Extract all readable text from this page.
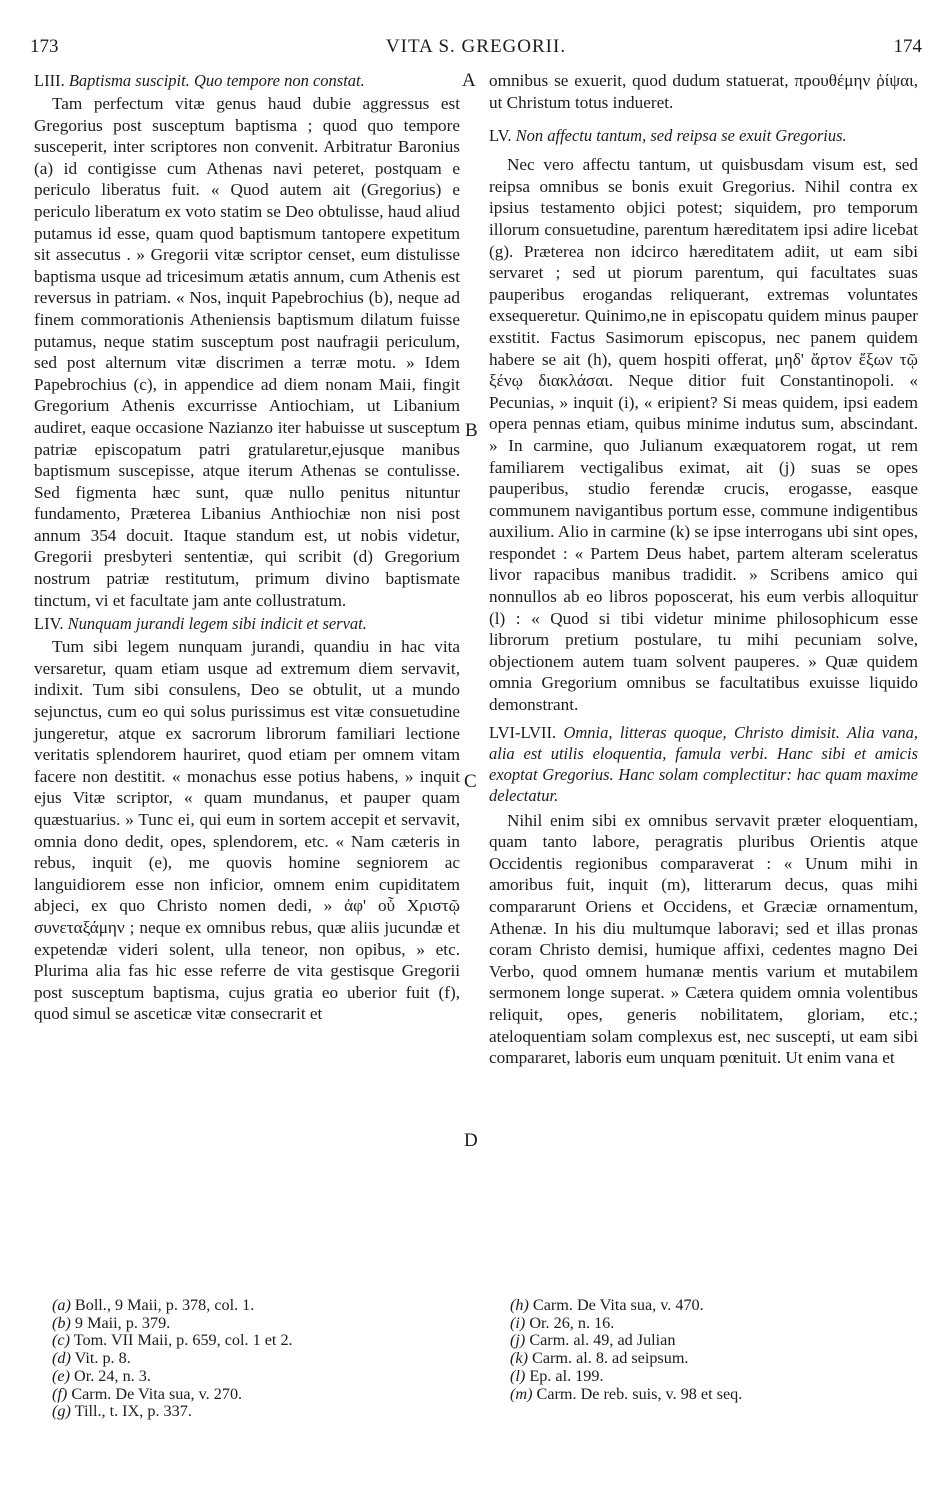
173	VITA S. GREGORII.	174
LIII. Baptisma suscipit. Quo tempore non constat.

Tam perfectum vitæ genus haud dubie aggressus est Gregorius post susceptum baptisma ; quod quo tempore susceperit, inter scriptores non convenit. Arbitratur Baronius (a) id contigisse cum Athenas navi peteret, postquam e periculo liberatus fuit. « Quod autem ait (Gregorius) e periculo liberatum ex voto statim se Deo obtulisse, haud aliud putamus id esse, quam quod baptismum tantopere expetitum sit assecutus . » Gregorii vitæ scriptor censet, eum distulisse baptisma usque ad tricesimum ætatis annum, cum Athenis est reversus in patriam. « Nos, inquit Papebrochius (b), neque ad finem commorationis Atheniensis baptismum dilatum fuisse putamus, neque statim susceptum post naufragii periculum, sed post alternum vitæ discrimen a terræ motu. » Idem Papebrochius (c), in appendice ad diem nonam Maii, fingit Gregorium Athenis excurrisse Antiochiam, ut Libanium audiret, eaque occasione Nazianzo iter habuisse ut susceptum patriæ episcopatum patri gratularetur,ejusque manibus baptismum suscepisse, atque iterum Athenas se contulisse. Sed figmenta hæc sunt, quæ nullo penitus nituntur fundamento, Præterea Libanius Anthiochiæ non nisi post annum 354 docuit. Itaque standum est, ut nobis videtur, Gregorii presbyteri sententiæ, qui scribit (d) Gregorium nostrum patriæ restitutum, primum divino baptismate tinctum, vi et facultate jam ante collustratum.

LIV. Nunquam jurandi legem sibi indicit et servat.

Tum sibi legem nunquam jurandi, quandiu in hac vita versaretur, quam etiam usque ad extremum diem servavit, indixit. Tum sibi consulens, Deo se obtulit, ut a mundo sejunctus, cum eo qui solus purissimus est vitæ consuetudine jungeretur, atque ex sacrorum librorum familiari lectione veritatis splendorem hauriret, quod etiam per omnem vitam facere non destitit. « monachus esse potius habens, » inquit ejus Vitæ scriptor, « quam mundanus, et pauper quam quæstuarius. » Tunc ei, qui eum in sortem accepit et servavit, omnia dono dedit, opes, splendorem, etc. « Nam cæteris in rebus, inquit (e), me quovis homine segniorem ac languidiorem esse non inficior, omnem enim cupiditatem abjeci, ex quo Christo nomen dedi, » ἀφ' οὗ Χριστῷ συνεταξάμην ; neque ex omnibus rebus, quæ aliis jucundæ et expetendæ videri solent, ulla teneor, non opibus, » etc. Plurima alia fas hic esse referre de vita gestisque Gregorii post susceptum baptisma, cujus gratia eo uberior fuit (f), quod simul se asceticæ vitæ consecrarit et

A
B
C
D

omnibus se exuerit, quod dudum statuerat, προυθέμην ῥίψαι, ut Christum totus indueret.

LV. Non affectu tantum, sed reipsa se exuit Gregorius.

Nec vero affectu tantum, ut quisbusdam visum est, sed reipsa omnibus se bonis exuit Gregorius. Nihil contra ex ipsius testamento objici potest; siquidem, pro temporum illorum consuetudine, parentum hæreditatem ipsi adire licebat (g). Præterea non idcirco hæreditatem adiit, ut eam sibi servaret ; sed ut piorum parentum, qui facultates suas pauperibus erogandas reliquerant, extremas voluntates exsequeretur. Quinimo,ne in episcopatu quidem minus pauper exstitit. Factus Sasimorum episcopus, nec panem quidem habere se ait (h), quem hospiti offerat, μηδ' ἄρτον ἔξων τῷ ξένῳ διακλάσαι. Neque ditior fuit Constantinopoli. « Pecunias, » inquit (i), « eripient? Si meas quidem, ipsi eadem opera pennas etiam, quibus minime indutus sum, abscindant. » In carmine, quo Julianum exæquatorem rogat, ut rem familiarem vectigalibus eximat, ait (j) suas se opes pauperibus, studio ferendæ crucis, erogasse, easque communem navigantibus portum esse, commune indigentibus auxilium. Alio in carmine (k) se ipse interrogans ubi sint opes, respondet : « Partem Deus habet, partem alteram sceleratus livor rapacibus manibus tradidit. » Scribens amico qui nonnullos ab eo libros poposcerat, his eum verbis alloquitur (l) : « Quod si tibi videtur minime philosophicum esse librorum pretium postulare, tu mihi pecuniam solve, objectionem autem tuam solvent pauperes. » Quæ quidem omnia Gregorium omnibus se facultatibus exuisse liquido demonstrant.

LVI-LVII. Omnia, litteras quoque, Christo dimisit. Alia vana, alia est utilis eloquentia, famula verbi. Hanc sibi et amicis exoptat Gregorius. Hanc solam complectitur: hac quam maxime delectatur.

Nihil enim sibi ex omnibus servavit præter eloquentiam, quam tanto labore, peragratis pluribus Orientis atque Occidentis regionibus comparaverat : « Unum mihi in amoribus fuit, inquit (m), litterarum decus, quas mihi compararunt Oriens et Occidens, et Græciæ ornamentum, Athenæ. In his diu multumque laboravi; sed et illas pronas coram Christo demisi, humique affixi, cedentes magno Dei Verbo, quod omnem humanæ mentis varium et mutabilem sermonem longe superat. » Cætera quidem omnia volentibus reliquit, opes, generis nobilitatem, gloriam, etc.; ateloquentiam solam complexus est, nec suscepti, ut eam sibi compararet, laboris eum unquam pœnituit. Ut enim vana et

(a) Boll., 9 Maii, p. 378, col. 1.
(b) 9 Maii, p. 379.
(c) Tom. VII Maii, p. 659, col. 1 et 2.
(d) Vit. p. 8.
(e) Or. 24, n. 3.
(f) Carm. De Vita sua, v. 270.
(g) Till., t. IX, p. 337.
(h) Carm. De Vita sua, v. 470.
(i) Or. 26, n. 16.
(j) Carm. al. 49, ad Julian
(k) Carm. al. 8. ad seipsum.
(l) Ep. al. 199.
(m) Carm. De reb. suis, v. 98 et seq.
